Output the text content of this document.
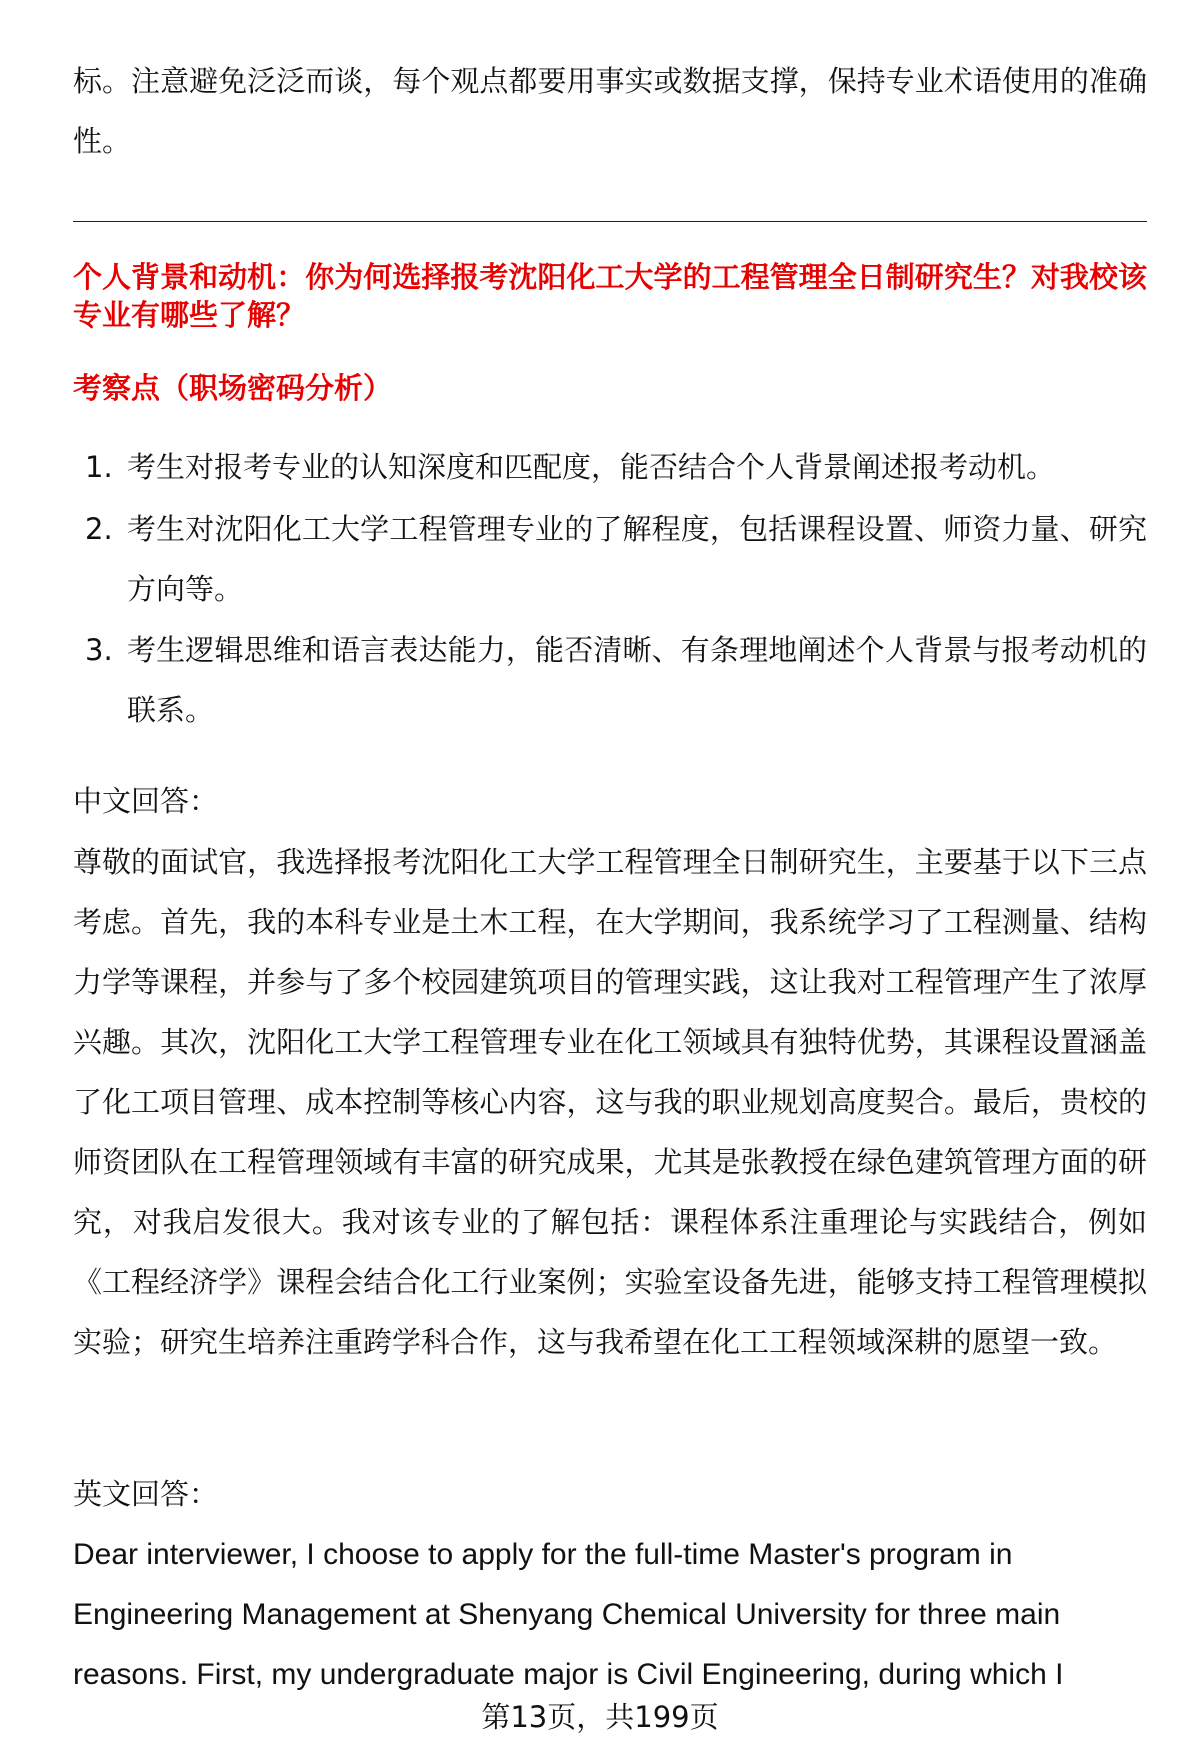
标。注意避免泛泛而谈，每个观点都要用事实或数据支撑，保持专业术语使用的准确性。
个人背景和动机：你为何选择报考沈阳化工大学的工程管理全日制研究生？对我校该专业有哪些了解？
考察点（职场密码分析）
1. 考生对报考专业的认知深度和匹配度，能否结合个人背景阐述报考动机。
2. 考生对沈阳化工大学工程管理专业的了解程度，包括课程设置、师资力量、研究方向等。
3. 考生逻辑思维和语言表达能力，能否清晰、有条理地阐述个人背景与报考动机的联系。
中文回答：
尊敬的面试官，我选择报考沈阳化工大学工程管理全日制研究生，主要基于以下三点考虑。首先，我的本科专业是土木工程，在大学期间，我系统学习了工程测量、结构力学等课程，并参与了多个校园建筑项目的管理实践，这让我对工程管理产生了浓厚兴趣。其次，沈阳化工大学工程管理专业在化工领域具有独特优势，其课程设置涵盖了化工项目管理、成本控制等核心内容，这与我的职业规划高度契合。最后，贵校的师资团队在工程管理领域有丰富的研究成果，尤其是张教授在绿色建筑管理方面的研究，对我启发很大。我对该专业的了解包括：课程体系注重理论与实践结合，例如《工程经济学》课程会结合化工行业案例；实验室设备先进，能够支持工程管理模拟实验；研究生培养注重跨学科合作，这与我希望在化工工程领域深耕的愿望一致。
英文回答：
Dear interviewer, I choose to apply for the full-time Master's program in Engineering Management at Shenyang Chemical University for three main reasons. First, my undergraduate major is Civil Engineering, during which I
第13页，共199页
